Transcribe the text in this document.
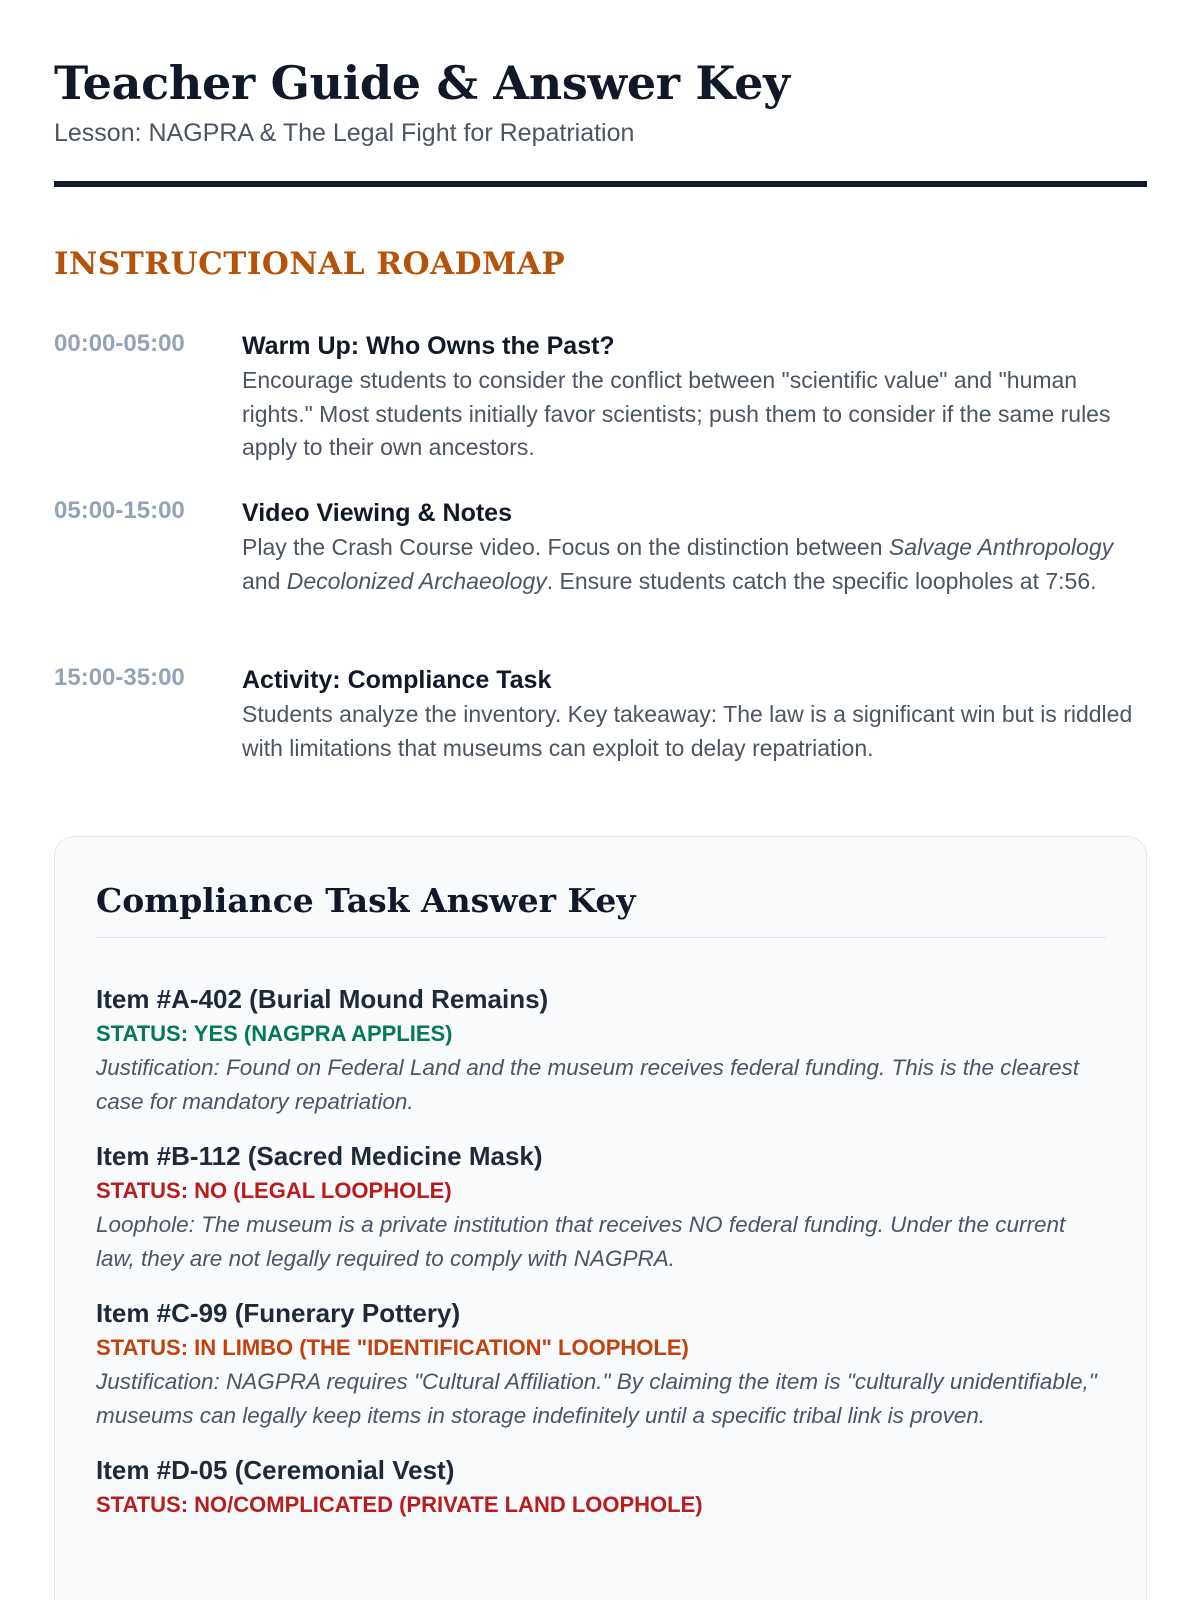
Teacher Guide & Answer Key
Lesson: NAGPRA & The Legal Fight for Repatriation
INSTRUCTIONAL ROADMAP
00:00-05:00 Warm Up: Who Owns the Past?
Encourage students to consider the conflict between "scientific value" and "human rights." Most students initially favor scientists; push them to consider if the same rules apply to their own ancestors.
05:00-15:00 Video Viewing & Notes
Play the Crash Course video. Focus on the distinction between Salvage Anthropology and Decolonized Archaeology. Ensure students catch the specific loopholes at 7:56.
15:00-35:00 Activity: Compliance Task
Students analyze the inventory. Key takeaway: The law is a significant win but is riddled with limitations that museums can exploit to delay repatriation.
Compliance Task Answer Key
Item #A-402 (Burial Mound Remains)
STATUS: YES (NAGPRA APPLIES)
Justification: Found on Federal Land and the museum receives federal funding. This is the clearest case for mandatory repatriation.
Item #B-112 (Sacred Medicine Mask)
STATUS: NO (LEGAL LOOPHOLE)
Loophole: The museum is a private institution that receives NO federal funding. Under the current law, they are not legally required to comply with NAGPRA.
Item #C-99 (Funerary Pottery)
STATUS: IN LIMBO (THE "IDENTIFICATION" LOOPHOLE)
Justification: NAGPRA requires "Cultural Affiliation." By claiming the item is "culturally unidentifiable," museums can legally keep items in storage indefinitely until a specific tribal link is proven.
Item #D-05 (Ceremonial Vest)
STATUS: NO/COMPLICATED (PRIVATE LAND LOOPHOLE)
